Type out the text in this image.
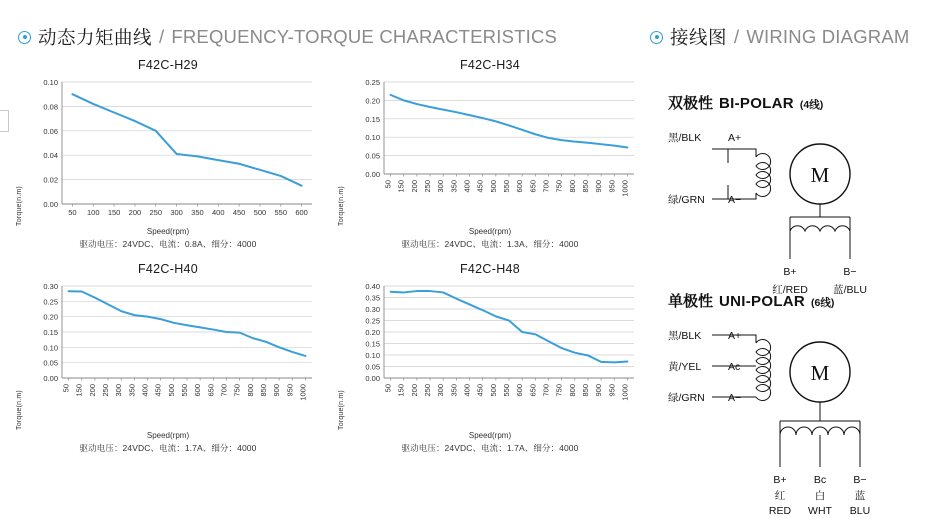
动态力矩曲线 / FREQUENCY-TORQUE CHARACTERISTICS	接线图 / WIRING DIAGRAM
F42C-H29
Torque(n.m)	0.00
0.02
0.04
0.06
0.08
0.10
50 100 150 200 250 300 350 400 450 500 550 600
Speed(rpm)
驱动电压：24VDC、电流：0.8A、细分：4000
F42C-H34
Torque(n.m)
0.00
0.05
0.10
0.15
0.20
0.25
50 150 200 250 300 350 400 450 500 550 600 650 700 750 800 850 900 950 1000
Speed(rpm)
驱动电压：24VDC、电流：1.3A、细分：4000
F42C-H40
Torque(n.m)
0.00
0.05
0.10
0.15
0.20
0.25
0.30
50 150 200 250 300 350 400 450 500 550 600 650 700 750 800 850 900 950 1000
Speed(rpm)
驱动电压：24VDC、电流：1.7A、细分：4000
F42C-H48
Torque(n.m)
0.00
0.05
0.10
0.15
0.20
0.25
0.30
0.35
0.40
50 150 200 250 300 350 400 450 500 550 600 650 700 750 800 850 900 950 1000
Speed(rpm)
驱动电压：24VDC、电流：1.7A、细分：4000
双极性 BI-POLAR (4线)
黑/BLK	A+
绿/GRN A−
M
B+	B−
红/RED 蓝/BLU
单极性 UNI-POLAR (6线)
黑/BLK	A+
黄/YEL	Ac
绿/GRN A−
M
B+	Bc	B−
红	白	蓝
RED WHT BLU
